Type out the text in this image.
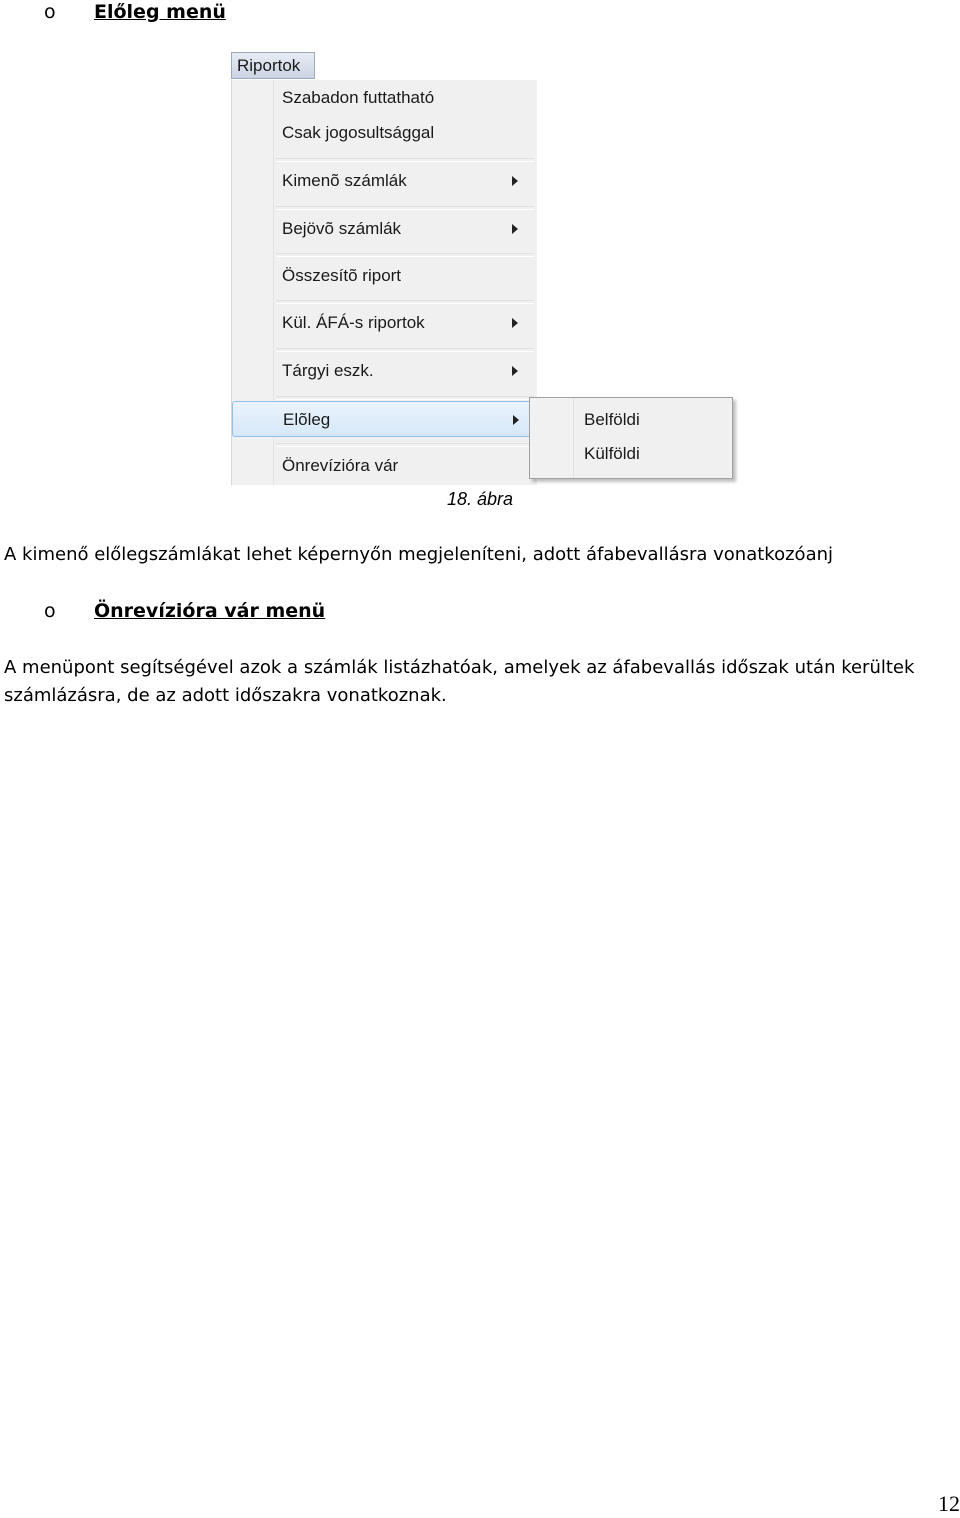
o Előleg menü
Riportok
Szabadon futtatható
Csak jogosultsággal
Kimenõ számlák
Bejövõ számlák
Összesítõ riport
Kül. ÁFÁ-s riportok
Tárgyi eszk.
Elõleg
Önrevízióra vár
Belföldi
Külföldi
18. ábra
A kimenő előlegszámlákat lehet képernyőn megjeleníteni, adott áfabevallásra vonatkozóanj
o Önrevízióra vár menü
A menüpont segítségével azok a számlák listázhatóak, amelyek az áfabevallás időszak után kerültek
számlázásra, de az adott időszakra vonatkoznak.
12
